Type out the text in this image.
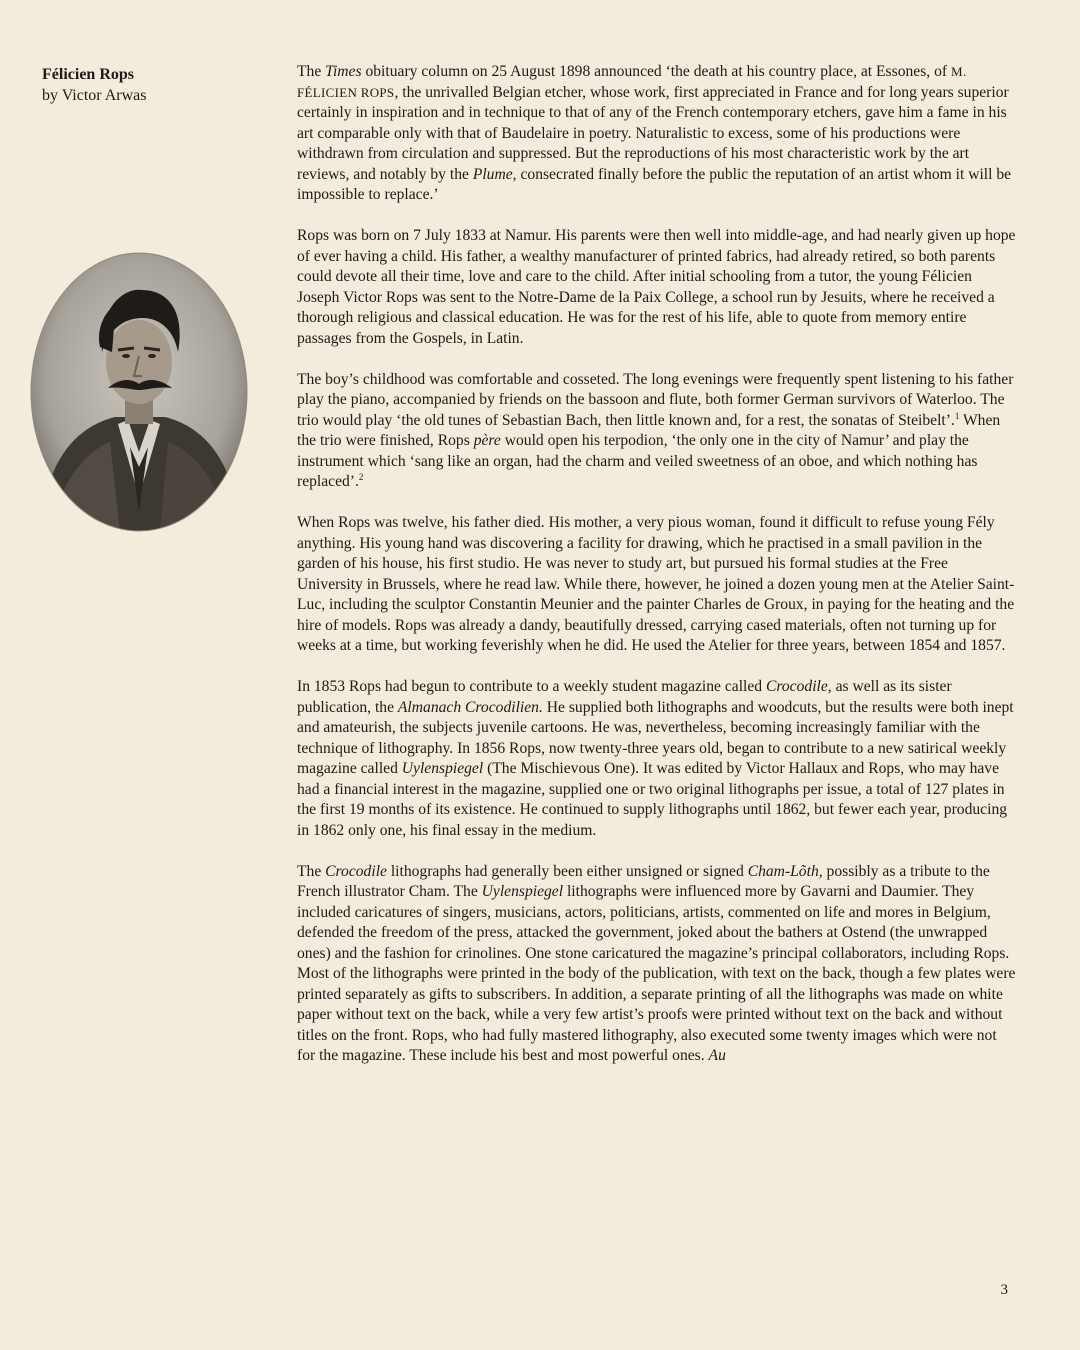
Félicien Rops

by Victor Arwas

The Times obituary column on 25 August 1898 announced ‘the death at his country place, at Essones, of M. FÉLICIEN ROPS, the unrivalled Belgian etcher, whose work, first appreciated in France and for long years superior certainly in inspiration and in technique to that of any of the French contemporary etchers, gave him a fame in his art comparable only with that of Baudelaire in poetry. Naturalistic to excess, some of his productions were withdrawn from circulation and suppressed. But the reproductions of his most characteristic work by the art reviews, and notably by the Plume, consecrated finally before the public the reputation of an artist whom it will be impossible to replace.’

Rops was born on 7 July 1833 at Namur. His parents were then well into middle-age, and had nearly given up hope of ever having a child. His father, a wealthy manufacturer of printed fabrics, had already retired, so both parents could devote all their time, love and care to the child. After initial schooling from a tutor, the young Félicien Joseph Victor Rops was sent to the Notre-Dame de la Paix College, a school run by Jesuits, where he received a thorough religious and classical education. He was for the rest of his life, able to quote from memory entire passages from the Gospels, in Latin.

The boy’s childhood was comfortable and cosseted. The long evenings were frequently spent listening to his father play the piano, accompanied by friends on the bassoon and flute, both former German survivors of Waterloo. The trio would play ‘the old tunes of Sebastian Bach, then little known and, for a rest, the sonatas of Steibelt’.$^1$ When the trio were finished, Rops père would open his terpodion, ‘the only one in the city of Namur’ and play the instrument which ‘sang like an organ, had the charm and veiled sweetness of an oboe, and which nothing has replaced’.$^2$

When Rops was twelve, his father died. His mother, a very pious woman, found it difficult to refuse young Fély anything. His young hand was discovering a facility for drawing, which he practised in a small pavilion in the garden of his house, his first studio. He was never to study art, but pursued his formal studies at the Free University in Brussels, where he read law. While there, however, he joined a dozen young men at the Atelier Saint-Luc, including the sculptor Constantin Meunier and the painter Charles de Groux, in paying for the heating and the hire of models. Rops was already a dandy, beautifully dressed, carrying cased materials, often not turning up for weeks at a time, but working feverishly when he did. He used the Atelier for three years, between 1854 and 1857.

In 1853 Rops had begun to contribute to a weekly student magazine called Crocodile, as well as its sister publication, the Almanach Crocodilien. He supplied both lithographs and woodcuts, but the results were both inept and amateurish, the subjects juvenile cartoons. He was, nevertheless, becoming increasingly familiar with the technique of lithography. In 1856 Rops, now twenty-three years old, began to contribute to a new satirical weekly magazine called Uylenspiegel (The Mischievous One). It was edited by Victor Hallaux and Rops, who may have had a financial interest in the magazine, supplied one or two original lithographs per issue, a total of 127 plates in the first 19 months of its existence. He continued to supply lithographs until 1862, but fewer each year, producing in 1862 only one, his final essay in the medium.

The Crocodile lithographs had generally been either unsigned or signed Cham-Lõth, possibly as a tribute to the French illustrator Cham. The Uylenspiegel lithographs were influenced more by Gavarni and Daumier. They included caricatures of singers, musicians, actors, politicians, artists, commented on life and mores in Belgium, defended the freedom of the press, attacked the government, joked about the bathers at Ostend (the unwrapped ones) and the fashion for crinolines. One stone caricatured the magazine’s principal collaborators, including Rops. Most of the lithographs were printed in the body of the publication, with text on the back, though a few plates were printed separately as gifts to subscribers. In addition, a separate printing of all the lithographs was made on white paper without text on the back, while a very few artist’s proofs were printed without text on the back and without titles on the front. Rops, who had fully mastered lithography, also executed some twenty images which were not for the magazine. These include his best and most powerful ones. Au

3
